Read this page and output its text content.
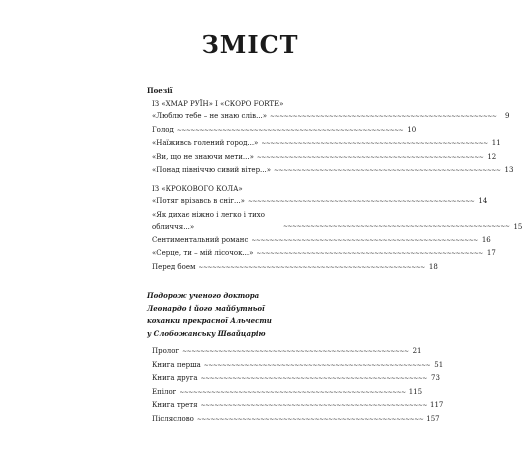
ЗМІСТ
Поезії
ІЗ «ХМАР РУЇН» І «СКОРО FORTE»
«Люблю тебе – не знаю слів...» ~~~~~~~~~~~~~~~~~~~~~~~~~~~~~~~~~~~~~~~~~~~~~~~~~~	9
Голод ~~~~~~~~~~~~~~~~~~~~~~~~~~~~~~~~~~~~~~~~~~~~~~~~~~ 10
«Наїживсь голений город...» ~~~~~~~~~~~~~~~~~~~~~~~~~~~~~~~~~~~~~~~~~~~~~~~~~~ 11
«Ви, що не знаючи мети...» ~~~~~~~~~~~~~~~~~~~~~~~~~~~~~~~~~~~~~~~~~~~~~~~~~~ 12
«Понад північчю сивий вітер...» ~~~~~~~~~~~~~~~~~~~~~~~~~~~~~~~~~~~~~~~~~~~~~~~~~~ 13
ІЗ «КРОКОВОГО КОЛА»
«Потяг врізавсь в сніг...» ~~~~~~~~~~~~~~~~~~~~~~~~~~~~~~~~~~~~~~~~~~~~~~~~~~ 14
«Як дихає ніжно і легко і тихо обличчя...»	~~~~~~~~~~~~~~~~~~~~~~~~~~~~~~~~~~~~~~~~~~~~~~~~~~ 15
Сентиментальний романс ~~~~~~~~~~~~~~~~~~~~~~~~~~~~~~~~~~~~~~~~~~~~~~~~~~ 16
«Серце, ти – мій лісочок...» ~~~~~~~~~~~~~~~~~~~~~~~~~~~~~~~~~~~~~~~~~~~~~~~~~~ 17
Перед боем ~~~~~~~~~~~~~~~~~~~~~~~~~~~~~~~~~~~~~~~~~~~~~~~~~~ 18
Подорож ученого доктора
Леонардо і його майбутньої
коханки прекрасної Альчести
у Слобожанську Швайцарію
Пролог ~~~~~~~~~~~~~~~~~~~~~~~~~~~~~~~~~~~~~~~~~~~~~~~~~~ 21
Книга перша ~~~~~~~~~~~~~~~~~~~~~~~~~~~~~~~~~~~~~~~~~~~~~~~~~~ 51
Книга друга ~~~~~~~~~~~~~~~~~~~~~~~~~~~~~~~~~~~~~~~~~~~~~~~~~~ 73
Епілог ~~~~~~~~~~~~~~~~~~~~~~~~~~~~~~~~~~~~~~~~~~~~~~~~~~ 115
Книга третя ~~~~~~~~~~~~~~~~~~~~~~~~~~~~~~~~~~~~~~~~~~~~~~~~~~ 117
Післяслово ~~~~~~~~~~~~~~~~~~~~~~~~~~~~~~~~~~~~~~~~~~~~~~~~~~ 157
